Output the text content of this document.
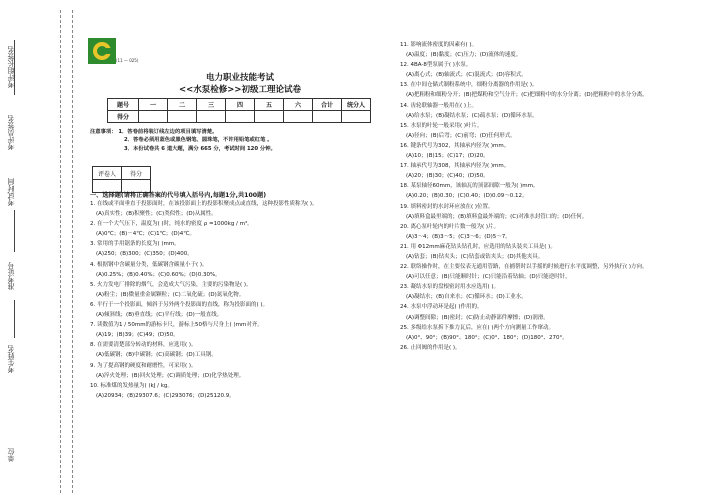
单位
考生姓名
准考证号
考试时间
考评员签名
考评组长签名	(11 — 025)
电力职业技能考试
<<水泵检修>>初级工理论试卷
题号	一	二	三	四	五	六	合计	统分人
得分								
注意事项： 1．答卷前将装订线左边的项目填写清楚。
2．答卷必须用蓝色或黑色钢笔、圆珠笔，不许用铅笔或红笔 。
3．本份试卷共 6 道大题，满分 665 分，考试时间 120 分钟。
评卷人	得分

一、选择题(请将正确答案的代号填入括号内,每题1分,共100题)
1. 在线或平面垂直于投影面时，在该投影面上的投影积聚成点或直线，这种投影性质称为( )。
(A)真实性；(B)积聚性；(C)类似性；(D)从属性。
2. 在一个大气压下，温度为( )时，纯水的密度 ρ =1000kg / m³。
(A)0℃；(B)－4℃；(C)1℃；(D)4℃。
3. 常用的手用锯条的长度为( )mm。
(A)250；(B)300；(C)350；(D)400。
4. 根据钢中含碳量分类，低碳钢含碳量小于( )。
(A)0.25%；(B)0.40%；(C)0.60%；(D)0.30%。
5. 火力发电厂排除的烟气，会造成大气污染，主要的污染物是( )。
(A)粉尘；(B)微量重金属颗粒；(C)二氧化硫；(D)氮氧化物。
6. 平行于一个投影面，倾斜于另外两个投影面的直线，称为投影面的( )。
(A)倾斜线；(B)垂直线；(C)平行线；(D)一般直线。
7. 读数值为1 / 50mm的游标卡尺，游标上50格与尺身上( )mm对齐。
(A)19；(B)39；(C)49；(D)50。
8. 在需要清楚部分转动的材料，应选用( )。
(A)低碳钢；(B)中碳钢；(C)高碳钢；(D)工具钢。
9. 为了提高钢的硬度和耐磨性，可采用( )。
(A)淬火处理；(B)回火处理；(C)调质处理；(D)化学热处理。
10. 标准煤的发热量为( )kJ / kg。
(A)20934；(B)29307.6；(C)293076；(D)25120.9。
11. 影响流体密度的因素有( )。
(A)温度；(B)黏度；(C)压力；(D)流体的速度。
12. 4BA-8型泵属于( )水泵。
(A)离心式；(B)轴流式；(C)混流式；(D)容积式。
13. 在中间仓储式制粉系统中，细粉分离器的作用是( )。
(A)把粗粉和细粉分开；(B)把煤粉和空气分开；(C)把细粉中的水分分离；(D)把粗粉中的水分分离。
14. 齿轮联轴器一般用在( )上。
(A)给水泵；(B)凝结水泵；(C)疏水泵；(D)循环水泵。
15. 水泵的叶轮一般采用( )叶片。
(A)径向；(B)后弯；(C)前弯；(D)任何形式。
16. 键条代号为302，其轴承内径为( )mm。
(A)10；(B)15；(C)17；(D)20。
17. 轴承代号为308，其轴承内径为( )mm。
(A)20；(B)30；(C)40；(D)50。
18. 某泵轴径60mm，该轴瓦的顶部间隙一般为( )mm。
(A)0.20；(B)0.30；(C)0.40；(D)0.09～0.12。
19. 填料密封的水封环应放在( )位置。
(A)填料盒最里端的；(B)填料盒最外端的；(C)对准水封管口的；(D)任何。
20. 离心泵叶轮内的叶片数一般为( )片。
(A)3～4；(B)3～5；(C)3～6；(D)5～7。
21. 用 Φ12mm麻花钻头钻孔时，应选用的钻头装夹工具是( )。
(A)钻套；(B)钻夹头；(C)钻套或钻夹头；(D)其他夹具。
22. 联络操作时，在主要仪表无通用管路，在捕帮时以手摇的时候进行水平度调整，另外执行( )方向。
(A)可以任意；(B)只能顺时针；(C)只能沿着钻轴；(D)只能逆时针。
23. 凝结水泵的盘根密封用水应选用( )。
(A)凝结水；(B)自来水；(C)循环水；(D)工业水。
24. 水泵中浮动环是起( )作用的。
(A)调整间隙；(B)密封；(C)防止动静部件摩擦；(D)润滑。
25. 多级给水泵拆下推力瓦后，应在( )两个方向测量工作窜动。
(A)0°、90°；(B)90°、180°；(C)0°、180°；(D)180°、270°。
26. 止回阀的作用是( )。
